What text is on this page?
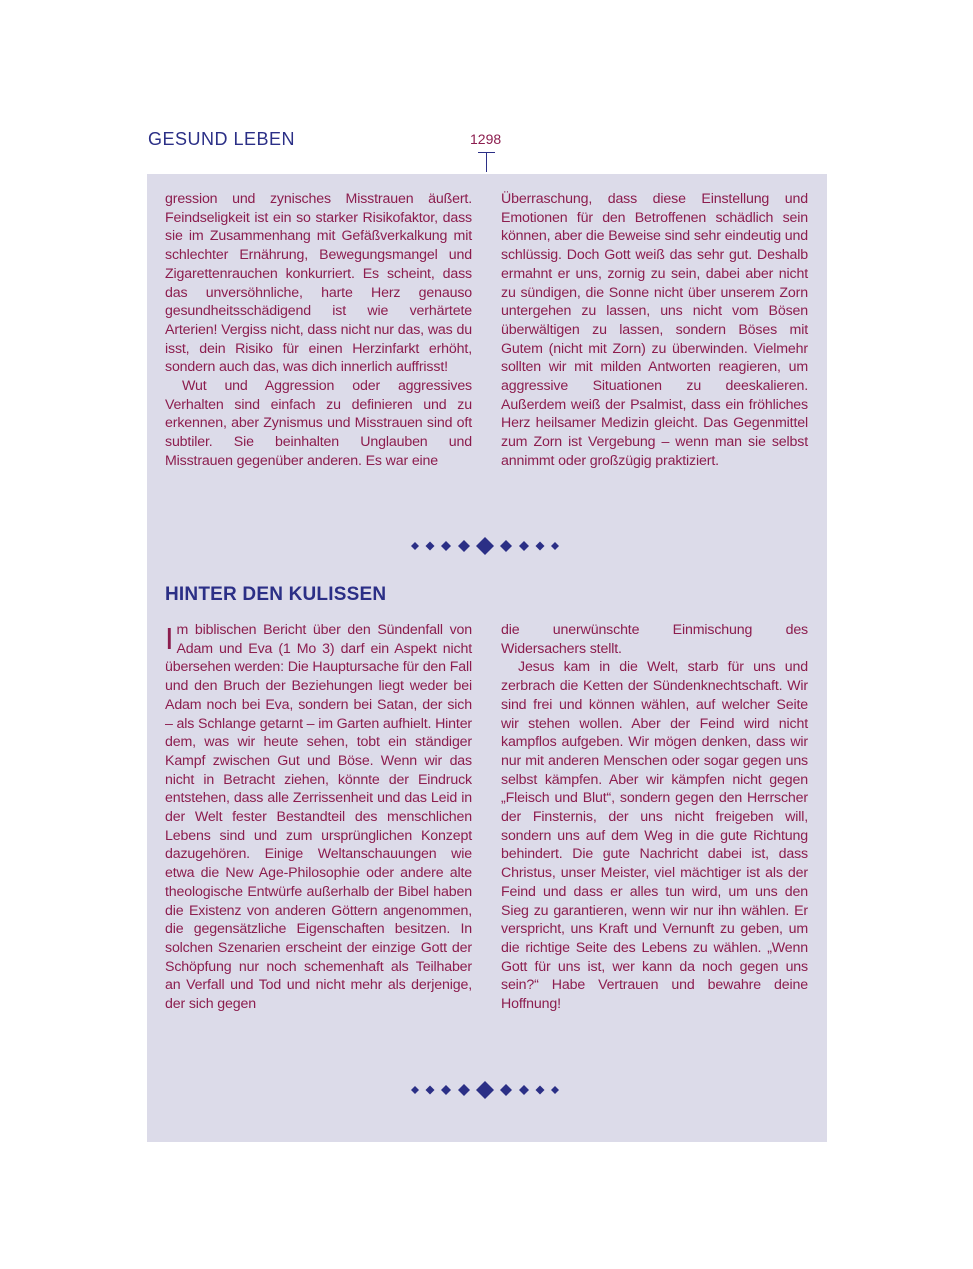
GESUND LEBEN	1298

gression und zynisches Misstrauen äußert. Feindseligkeit ist ein so starker Risikofaktor, dass sie im Zusammenhang mit Gefäßverkalkung mit schlechter Ernährung, Bewegungsmangel und Zigarettenrauchen konkurriert. Es scheint, dass das unversöhnliche, harte Herz genauso gesundheitsschädigend ist wie verhärtete Arterien! Vergiss nicht, dass nicht nur das, was du isst, dein Risiko für einen Herzinfarkt erhöht, sondern auch das, was dich innerlich auffrisst!

Wut und Aggression oder aggressives Verhalten sind einfach zu definieren und zu erkennen, aber Zynismus und Misstrauen sind oft subtiler. Sie beinhalten Unglauben und Misstrauen gegenüber anderen. Es war eine

Überraschung, dass diese Einstellung und Emotionen für den Betroffenen schädlich sein können, aber die Beweise sind sehr eindeutig und schlüssig. Doch Gott weiß das sehr gut. Deshalb ermahnt er uns, zornig zu sein, dabei aber nicht zu sündigen, die Sonne nicht über unserem Zorn untergehen zu lassen, uns nicht vom Bösen überwältigen zu lassen, sondern Böses mit Gutem (nicht mit Zorn) zu überwinden. Vielmehr sollten wir mit milden Antworten reagieren, um aggressive Situationen zu deeskalieren. Außerdem weiß der Psalmist, dass ein fröhliches Herz heilsamer Medizin gleicht. Das Gegenmittel zum Zorn ist Vergebung – wenn man sie selbst annimmt oder großzügig praktiziert.

HINTER DEN KULISSEN

I m biblischen Bericht über den Sündenfall von Adam und Eva (1 Mo 3) darf ein Aspekt nicht übersehen werden: Die Hauptursache für den Fall und den Bruch der Beziehungen liegt weder bei Adam noch bei Eva, sondern bei Satan, der sich – als Schlange getarnt – im Garten aufhielt. Hinter dem, was wir heute sehen, tobt ein ständiger Kampf zwischen Gut und Böse. Wenn wir das nicht in Betracht ziehen, könnte der Eindruck entstehen, dass alle Zerrissenheit und das Leid in der Welt fester Bestandteil des menschlichen Lebens sind und zum ursprünglichen Konzept dazugehören. Einige Weltanschauungen wie etwa die New Age-Philosophie oder andere alte theologische Entwürfe außerhalb der Bibel haben die Existenz von anderen Göttern angenommen, die gegensätzliche Eigenschaften besitzen. In solchen Szenarien erscheint der einzige Gott der Schöpfung nur noch schemenhaft als Teilhaber an Verfall und Tod und nicht mehr als derjenige, der sich gegen

die unerwünschte Einmischung des Widersachers stellt.

Jesus kam in die Welt, starb für uns und zerbrach die Ketten der Sündenknechtschaft. Wir sind frei und können wählen, auf welcher Seite wir stehen wollen. Aber der Feind wird nicht kampflos aufgeben. Wir mögen denken, dass wir nur mit anderen Menschen oder sogar gegen uns selbst kämpfen. Aber wir kämpfen nicht gegen „Fleisch und Blut“, sondern gegen den Herrscher der Finsternis, der uns nicht freigeben will, sondern uns auf dem Weg in die gute Richtung behindert. Die gute Nachricht dabei ist, dass Christus, unser Meister, viel mächtiger ist als der Feind und dass er alles tun wird, um uns den Sieg zu garantieren, wenn wir nur ihn wählen. Er verspricht, uns Kraft und Vernunft zu geben, um die richtige Seite des Lebens zu wählen. „Wenn Gott für uns ist, wer kann da noch gegen uns sein?“ Habe Vertrauen und bewahre deine Hoffnung!
